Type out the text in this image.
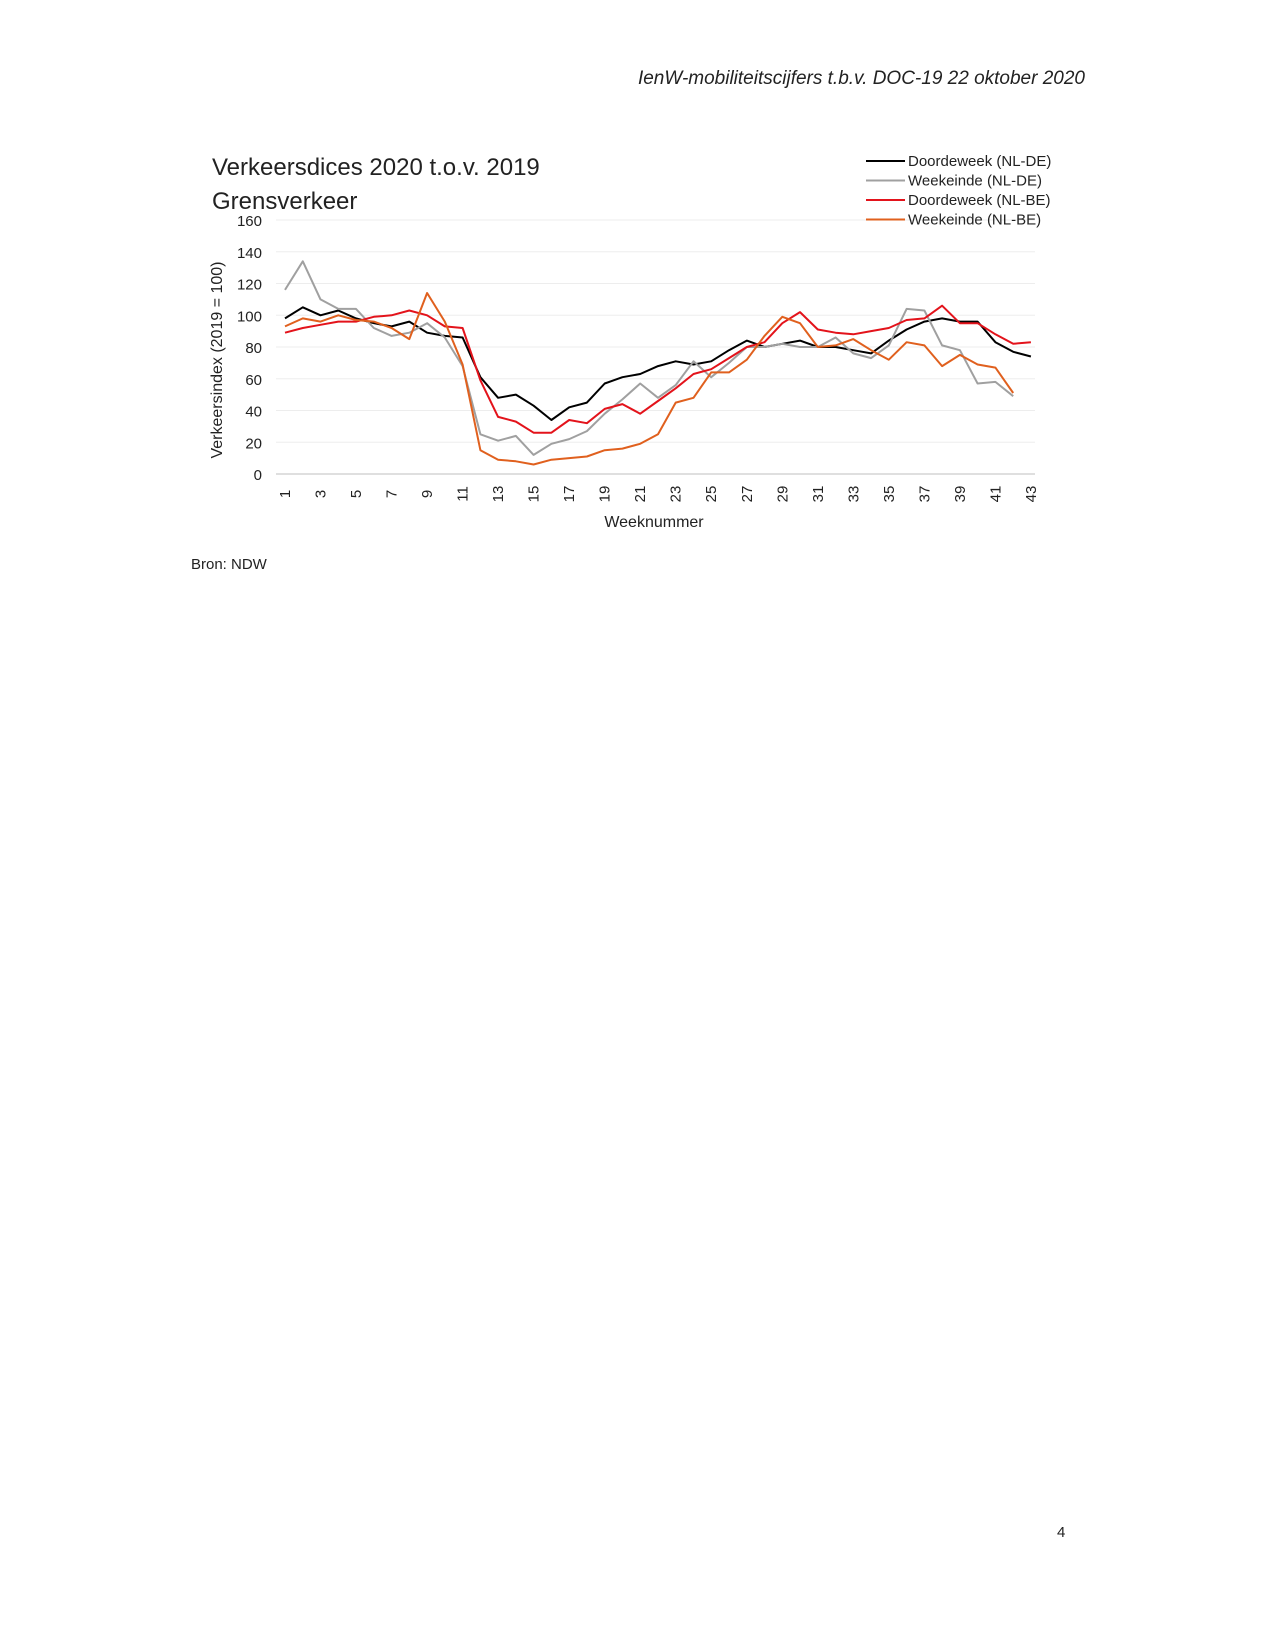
IenW-mobiliteitscijfers t.b.v. DOC-19 22 oktober 2020
Verkeersdices 2020 t.o.v. 2019
Grensverkeer
0
20
40
60
80
100
120
140
160
1 3 5 7 9 11 13 15 17 19 21 23 25 27 29 31 33 35 37 39 41 43
Verkeersindex (2019 = 100)
Weeknummer
Doordeweek (NL-DE)
Weekeinde (NL-DE)
Doordeweek (NL-BE)
Weekeinde (NL-BE)
Bron: NDW
4
